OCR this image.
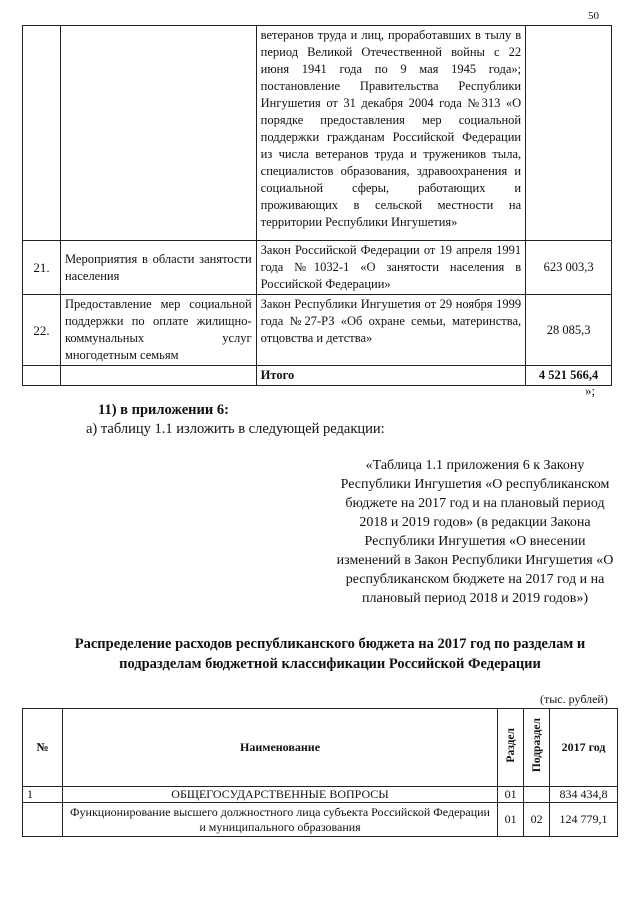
50
		ветеранов труда и лиц, проработавших в тылу в период Великой Отечественной войны с 22 июня 1941 года по 9 мая 1945 года»; постановление Правительства Республики Ингушетия от 31 декабря 2004 года №313 «О порядке предоставления мер социальной поддержки гражданам Российской Федерации из числа ветеранов труда и тружеников тыла, специалистов образования, здравоохранения и социальной сферы, работающих и проживающих в сельской местности на территории Республики Ингушетия»	
21.	Мероприятия в области занятости населения	Закон Российской Федерации от 19 апреля 1991 года №1032-1 «О занятости населения в Российской Федерации»	623 003,3
22.	Предоставление мер социальной поддержки по оплате жилищно-коммунальных услуг многодетным семьям	Закон Республики Ингушетия от 29 ноября 1999 года №27-РЗ «Об охране семьи, материнства, отцовства и детства»	28 085,3
		Итого	4 521 566,4
»;
11) в приложении 6:
а) таблицу 1.1 изложить в следующей редакции:
«Таблица 1.1 приложения 6 к Закону Республики Ингушетия «О республиканском бюджете на 2017 год и на плановый период 2018 и 2019 годов» (в редакции Закона Республики Ингушетия «О внесении изменений в Закон Республики Ингушетия «О республиканском бюджете на 2017 год и на плановый период 2018 и 2019 годов»)
Распределение расходов республиканского бюджета на 2017 год по разделам и подразделам бюджетной классификации Российской Федерации
(тыс. рублей)
№	Наименование	Раздел	Подраздел	2017 год
1	ОБЩЕГОСУДАРСТВЕННЫЕ ВОПРОСЫ	01		834 434,8
	Функционирование высшего должностного лица субъекта Российской Федерации и муниципального образования	01	02	124 779,1
